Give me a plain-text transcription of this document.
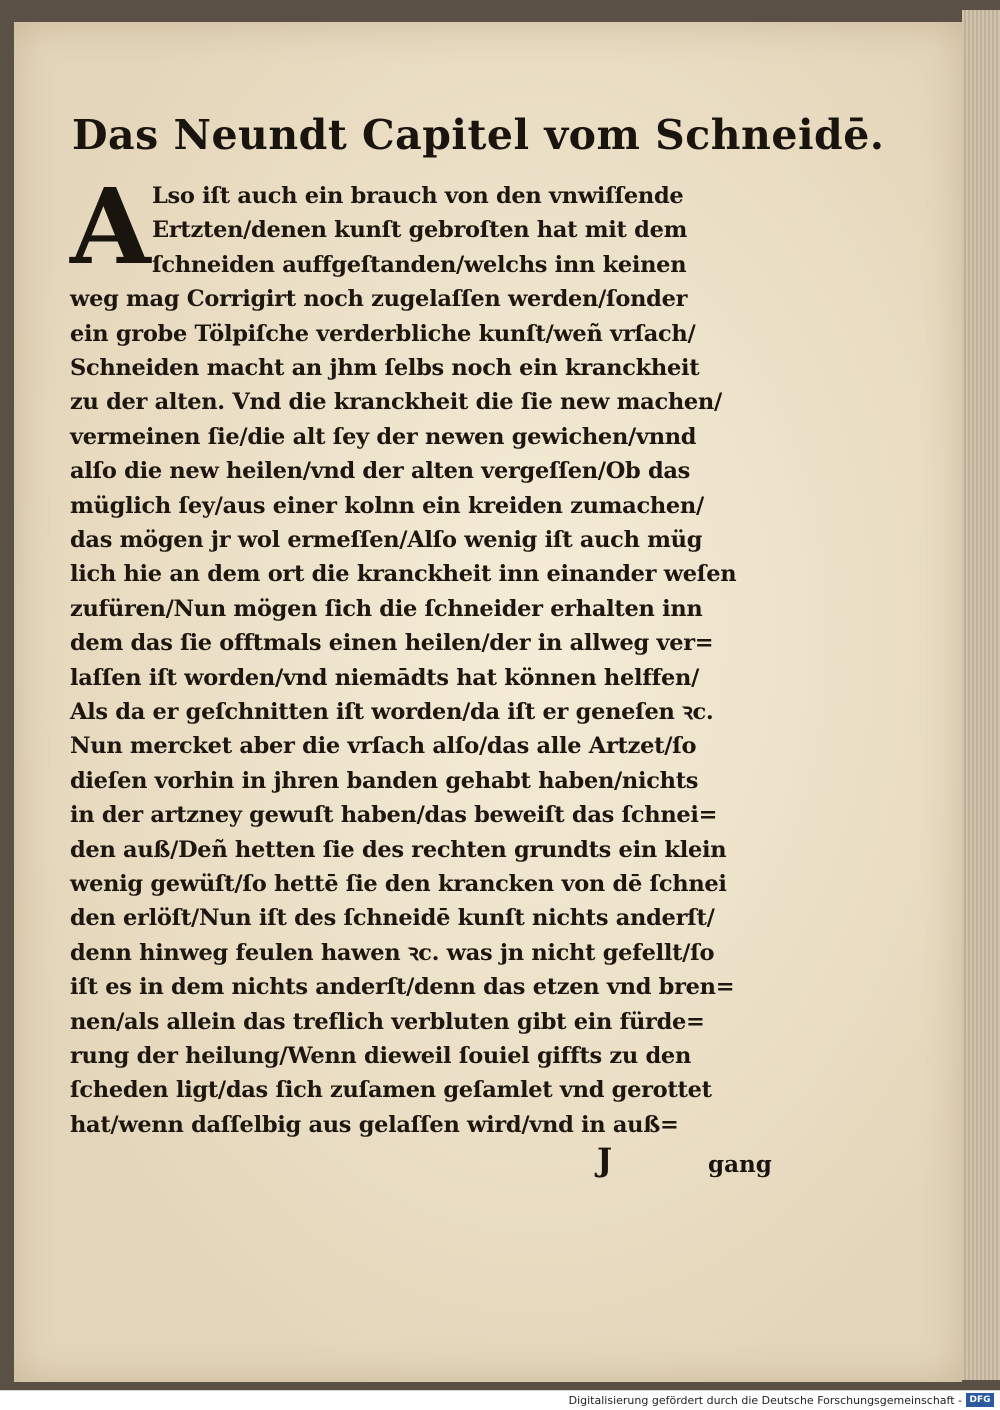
Das Neundt Capitel vom Schneidē.
A Lso iſt auch ein brauch von den vnwiſſende
Ertzten/denen kunſt gebroſten hat mit dem
ſchneiden auffgeſtanden/welchs inn keinen
weg mag Corrigirt noch zugelaſſen werden/ſonder
ein grobe Tölpiſche verderbliche kunſt/weñ vrſach/
Schneiden macht an jhm ſelbs noch ein kranckheit
zu der alten. Vnd die kranckheit die ſie new machen/
vermeinen ſie/die alt ſey der newen gewichen/vnnd
alſo die new heilen/vnd der alten vergeſſen/Ob das
müglich ſey/aus einer kolnn ein kreiden zumachen/
das mögen jr wol ermeſſen/Alſo wenig iſt auch müg
lich hie an dem ort die kranckheit inn einander weſen
zufüren/Nun mögen ſich die ſchneider erhalten inn
dem das ſie offtmals einen heilen/der in allweg ver=
laſſen iſt worden/vnd niemādts hat können helffen/
Als da er geſchnitten iſt worden/da iſt er geneſen ꝛc.
Nun mercket aber die vrſach alſo/das alle Artzet/ſo
dieſen vorhin in jhren banden gehabt haben/nichts
in der artzney gewuſt haben/das beweiſt das ſchnei=
den auß/Deñ hetten ſie des rechten grundts ein klein
wenig gewüſt/ſo hettē ſie den krancken von dē ſchnei
den erlöſt/Nun iſt des ſchneidē kunſt nichts anderſt/
denn hinweg feulen hawen ꝛc. was jn nicht gefellt/ſo
iſt es in dem nichts anderſt/denn das etzen vnd bren=
nen/als allein das treflich verbluten gibt ein fürde=
rung der heilung/Wenn dieweil ſouiel giffts zu den
ſcheden ligt/das ſich zuſamen geſamlet vnd gerottet
hat/wenn daſſelbig aus gelaſſen wird/vnd in auß=
J	gang
Digitalisierung gefördert durch die Deutsche Forschungsgemeinschaft - DFG
